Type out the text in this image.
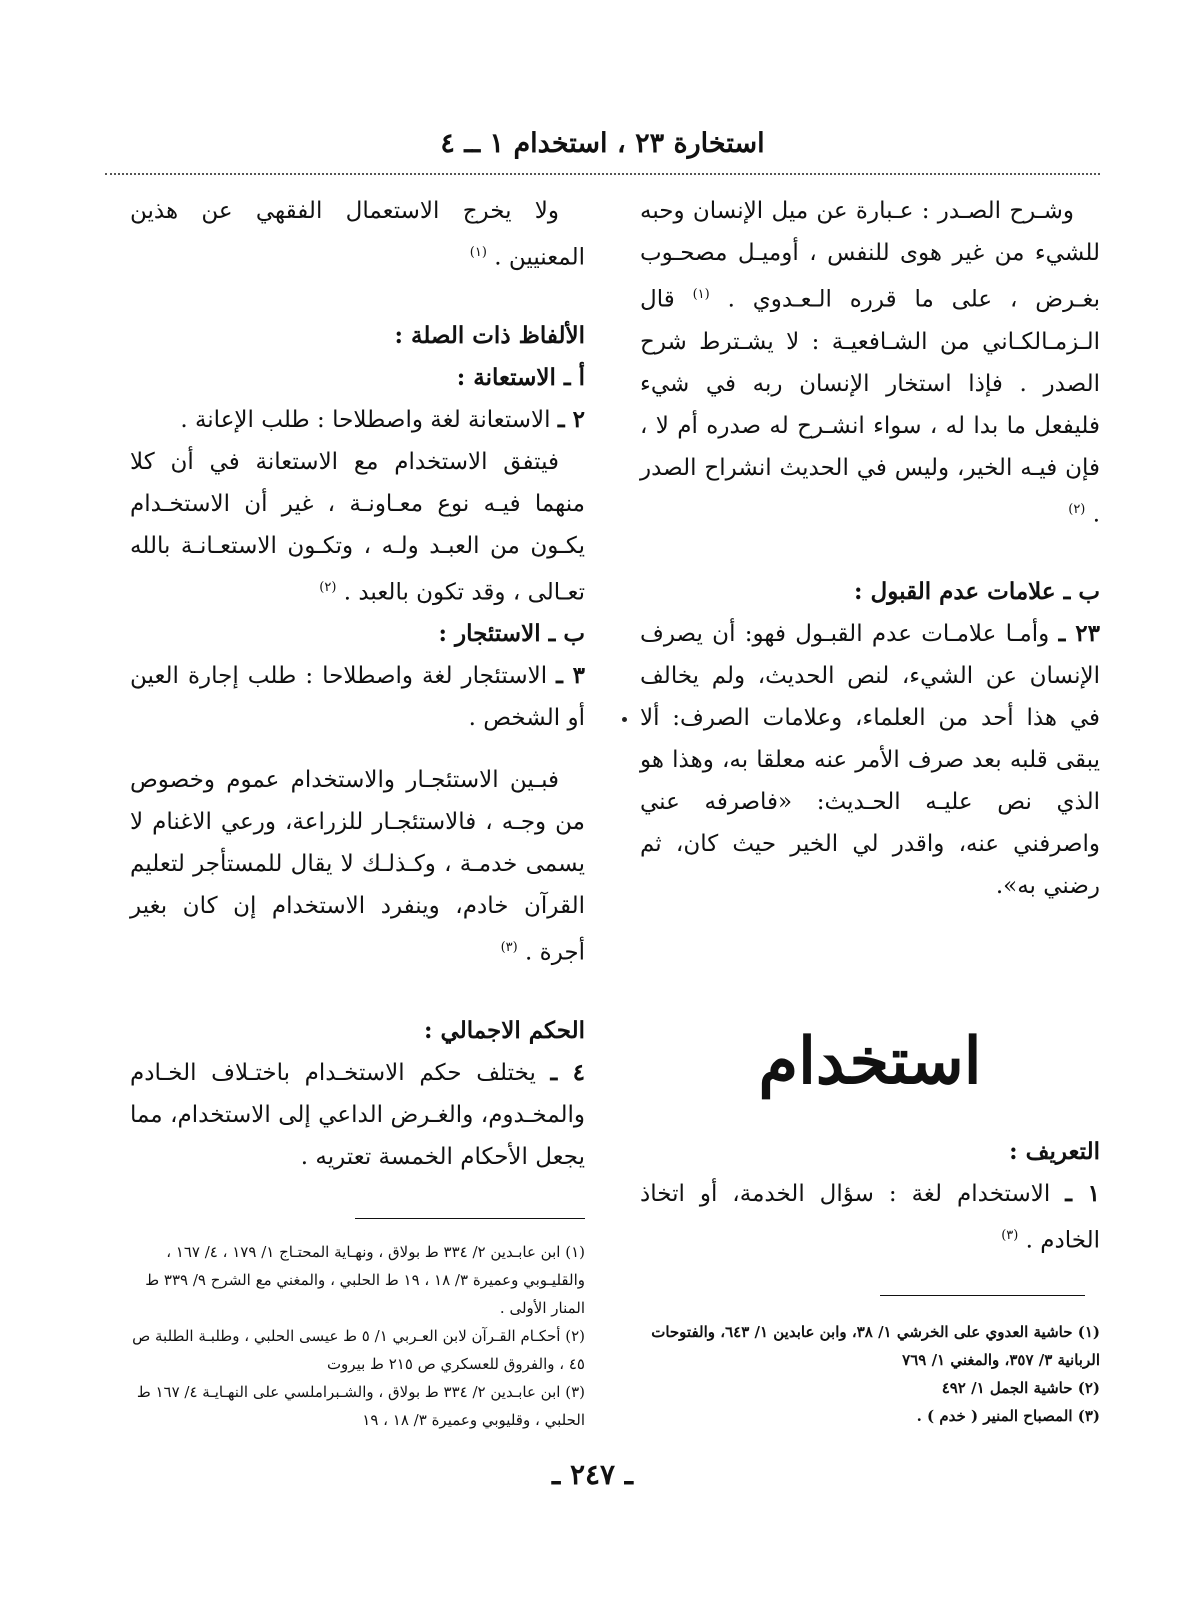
استخارة ٢٣ ، استخدام ١ ــ ٤

وشـرح الصـدر : عـبارة عن ميل الإنسان وحبه للشيء من غير هوى للنفس ، أوميـل مصحـوب بغـرض ، على ما قرره الـعـدوي . $^{(١)}$ قال الـزمـالكـاني من الشـافعيـة : لا يشـترط شرح الصدر . فإذا استخار الإنسان ربه في شيء فليفعل ما بدا له ، سواء انشـرح له صدره أم لا ، فإن فيـه الخير، وليس في الحديث انشراح الصدر . $^{(٢)}$

ب ـ علامات عدم القبول :

٢٣ ـ وأمـا علامـات عدم القبـول فهو: أن يصرف الإنسان عن الشيء، لنص الحديث، ولم يخالف في هذا أحد من العلماء، وعلامات الصرف: ألا يبقى قلبه بعد صرف الأمر عنه معلقا به، وهذا هو الذي نص عليـه الحـديث: «فاصرفه عني واصرفني عنه، واقدر لي الخير حيث كان، ثم رضني به».

استخدام
التعريف :

١ ـ الاستخدام لغة : سؤال الخدمة، أو اتخاذ الخادم . $^{(٣)}$

ولا يخرج الاستعمال الفقهي عن هذين المعنيين . $^{(١)}$

الألفاظ ذات الصلة :
أ ـ الاستعانة :

٢ ـ الاستعانة لغة واصطلاحا : طلب الإعانة .

فيتفق الاستخدام مع الاستعانة في أن كلا منهما فيـه نوع معـاونـة ، غير أن الاستخـدام يكـون من العبـد ولـه ، وتكـون الاستعـانـة بالله تعـالى ، وقد تكون بالعبد . $^{(٢)}$

ب ـ الاستئجار :

٣ ـ الاستئجار لغة واصطلاحا : طلب إجارة العين أو الشخص .

فبـين الاستئجـار والاستخدام عموم وخصوص من وجـه ، فالاستئجـار للزراعة، ورعي الاغنام لا يسمى خدمـة ، وكـذلـك لا يقال للمستأجر لتعليم القرآن خادم، وينفرد الاستخدام إن كان بغير أجرة . $^{(٣)}$

الحكم الاجمالي :

٤ ـ يختلف حكم الاستخـدام باختـلاف الخـادم والمخـدوم، والغـرض الداعي إلى الاستخدام، مما يجعل الأحكام الخمسة تعتريه .

(١) حاشية العدوي على الخرشي ١/ ٣٨، وابن عابدين ١/ ٦٤٣، والفتوحات الربانية ٣/ ٣٥٧، والمغني ١/ ٧٦٩
(٢) حاشية الجمل ١/ ٤٩٢
(٣) المصباح المنير ( خدم ) .
(١) ابن عابـدين ٢/ ٣٣٤ ط بولاق ، ونهـاية المحتـاج ١/ ١٧٩ ، ٤/ ١٦٧ ، والقليـوبي وعميرة ٣/ ١٨ ، ١٩ ط الحلبي ، والمغني مع الشرح ٩/ ٣٣٩ ط المنار الأولى .
(٢) أحكـام القـرآن لابن العـربي ١/ ٥ ط عيسى الحلبي ، وطلبـة الطلبة ص ٤٥ ، والفروق للعسكري ص ٢١٥ ط بيروت
(٣) ابن عابـدين ٢/ ٣٣٤ ط بولاق ، والشـبراملسي على النهـايـة ٤/ ١٦٧ ط الحلبي ، وقليوبي وعميرة ٣/ ١٨ ، ١٩
ـ ٢٤٧ ـ
